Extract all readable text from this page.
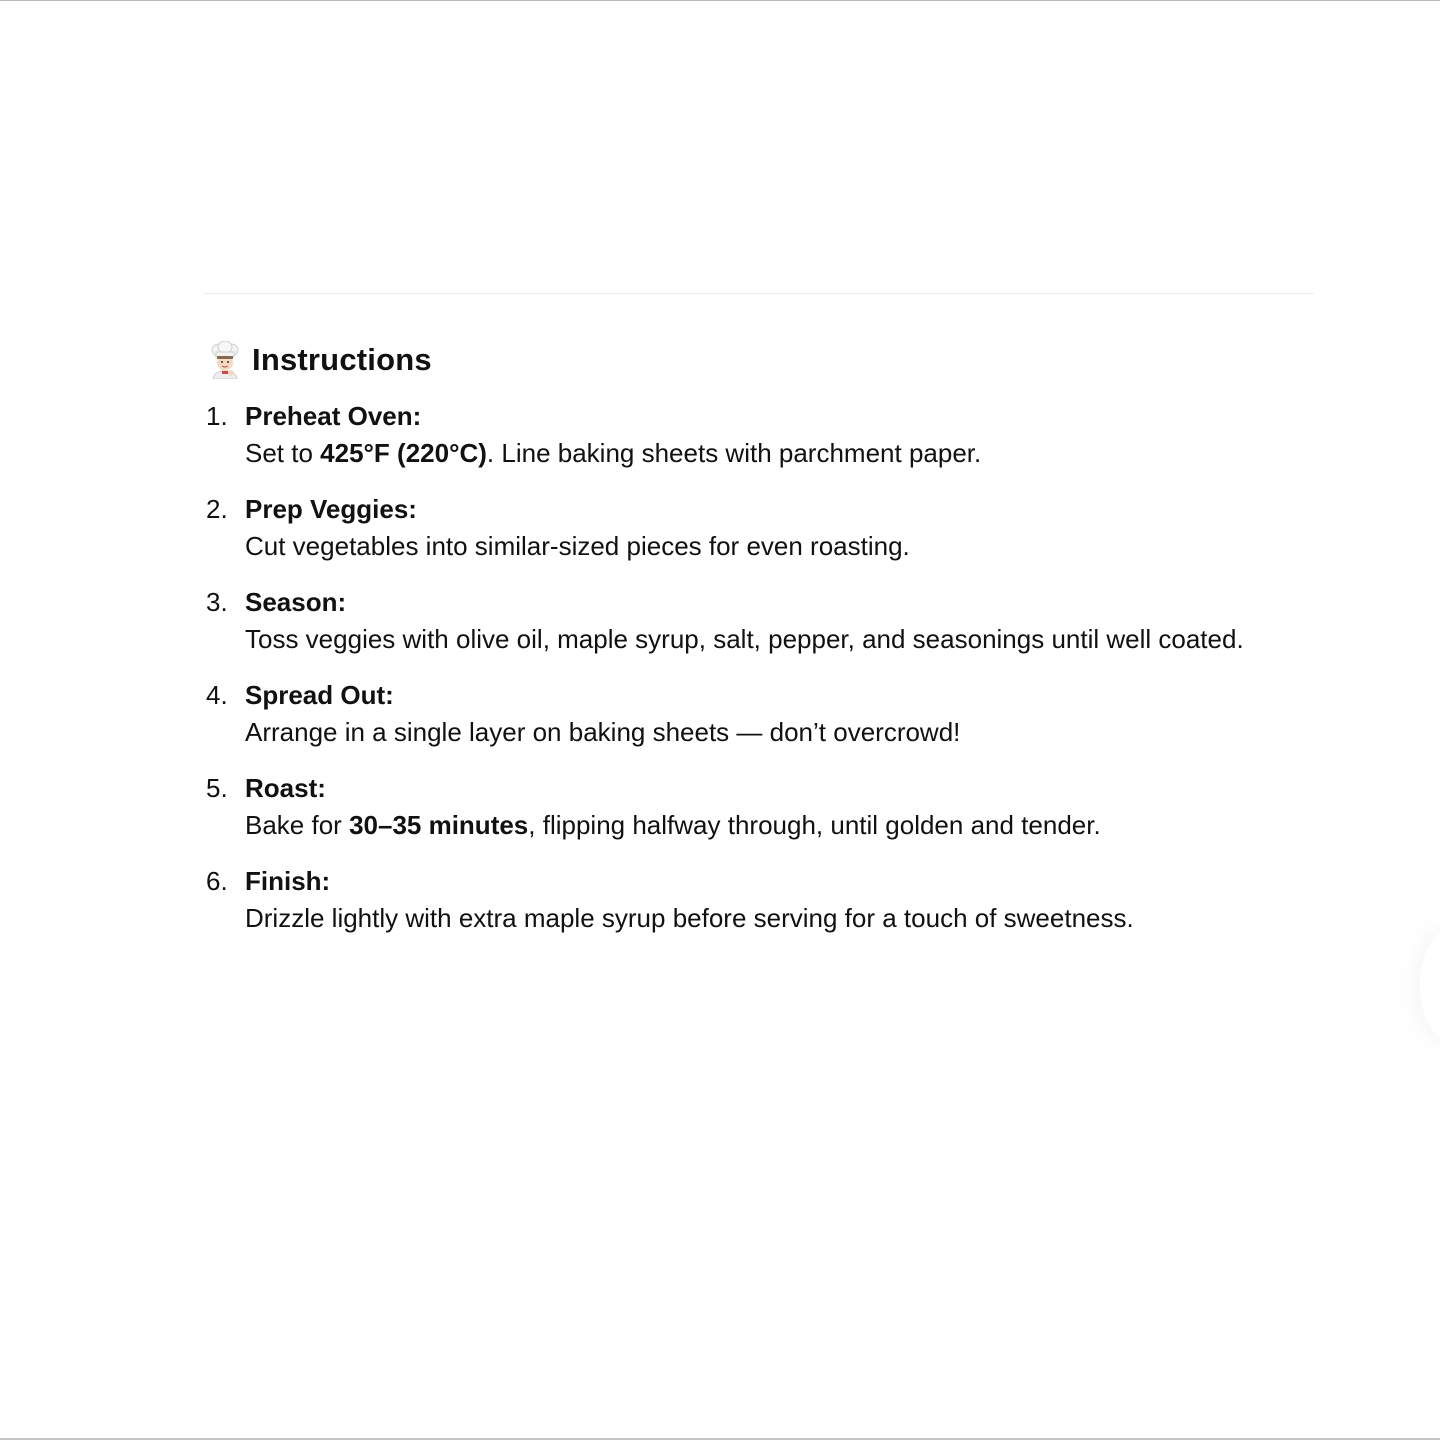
Instructions
1. Preheat Oven:
Set to 425°F (220°C). Line baking sheets with parchment paper.
2. Prep Veggies:
Cut vegetables into similar-sized pieces for even roasting.
3. Season:
Toss veggies with olive oil, maple syrup, salt, pepper, and seasonings until well coated.
4. Spread Out:
Arrange in a single layer on baking sheets — don’t overcrowd!
5. Roast:
Bake for 30–35 minutes, flipping halfway through, until golden and tender.
6. Finish:
Drizzle lightly with extra maple syrup before serving for a touch of sweetness.
